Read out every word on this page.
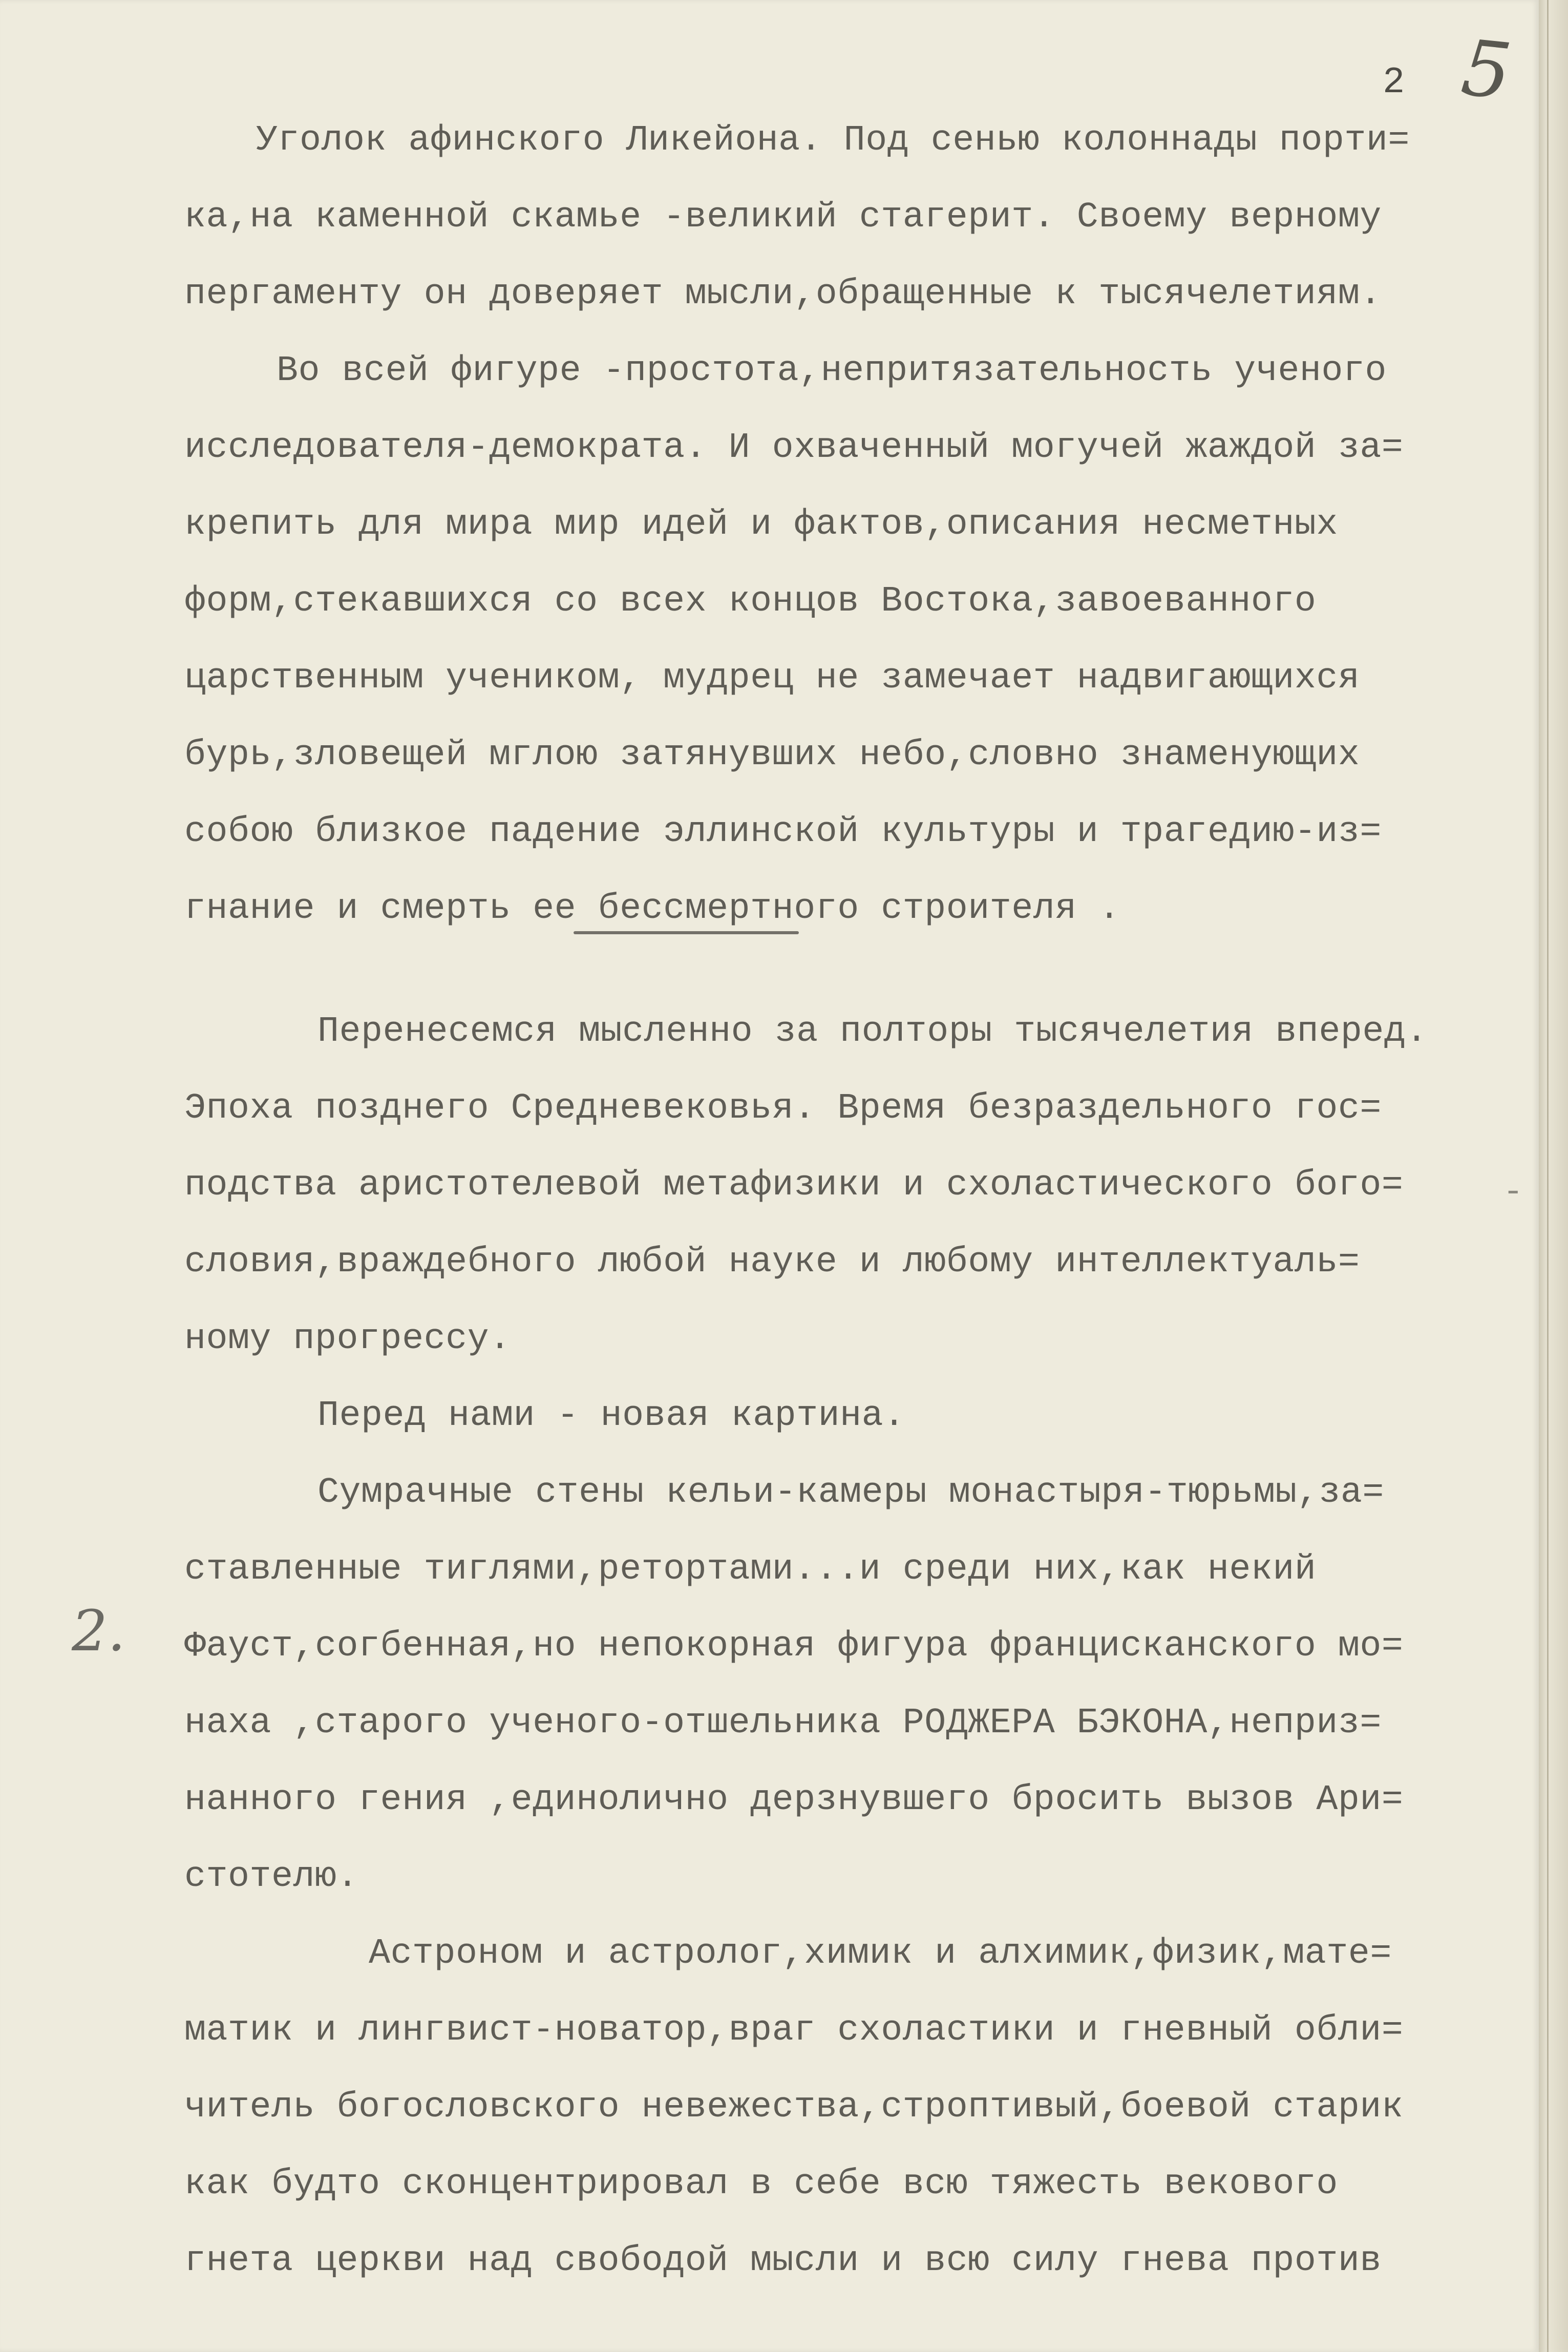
2 5
2.
Уголок афинского Ликейона. Под сенью колоннады порти=
ка,на каменной скамье -великий стагерит. Своему верному
пергаменту он доверяет мысли,обращенные к тысячелетиям.
Во всей фигуре -простота,непритязательность ученого
исследователя-демократа. И охваченный могучей жаждой за=
крепить для мира мир идей и фактов,описания несметных
форм,стекавшихся со всех концов Востока,завоеванного
царственным учеником, мудрец не замечает надвигающихся
бурь,зловещей мглою затянувших небо,словно знаменующих
собою близкое падение эллинской культуры и трагедию-из=
гнание и смерть ее бессмертного строителя .
Перенесемся мысленно за полторы тысячелетия вперед.
Эпоха позднего Средневековья. Время безраздельного гос=
подства аристотелевой метафизики и схоластического бого=
словия,враждебного любой науке и любому интеллектуаль=
ному прогрессу.
Перед нами - новая картина.
Сумрачные стены кельи-камеры монастыря-тюрьмы,за=
ставленные тиглями,ретортами...и среди них,как некий
Фауст,согбенная,но непокорная фигура францисканского мо=
наха ,старого ученого-отшельника РОДЖЕРА БЭКОНА,неприз=
нанного гения ,единолично дерзнувшего бросить вызов Ари=
стотелю.
Астроном и астролог,химик и алхимик,физик,мате=
матик и лингвист-новатор,враг схоластики и гневный обли=
читель богословского невежества,строптивый,боевой старик
как будто сконцентрировал в себе всю тяжесть векового
гнета церкви над свободой мысли и всю силу гнева против
-
